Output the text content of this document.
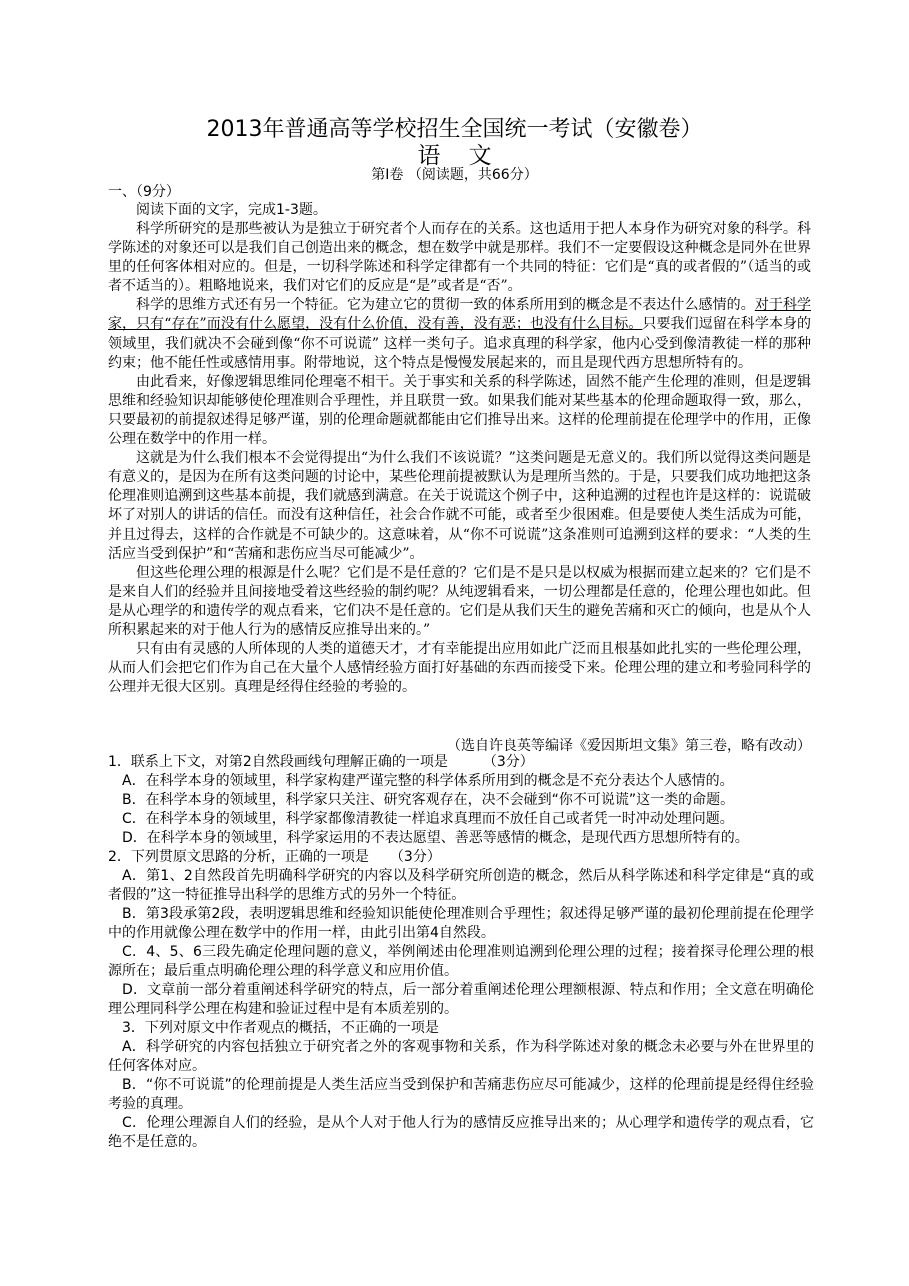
2013年普通高等学校招生全国统一考试（安徽卷）
语文
第Ⅰ卷 （阅读题，共66分）
一、（9分）
阅读下面的文字，完成1-3题。

科学所研究的是那些被认为是独立于研究者个人而存在的关系。这也适用于把人本身作为研究对象的科学。科学陈述的对象还可以是我们自己创造出来的概念，想在数学中就是那样。我们不一定要假设这种概念是同外在世界里的任何客体相对应的。但是，一切科学陈述和科学定律都有一个共同的特征：它们是“真的或者假的”（适当的或者不适当的）。粗略地说来，我们对它们的反应是“是”或者是“否”。

科学的思维方式还有另一个特征。它为建立它的贯彻一致的体系所用到的概念是不表达什么感情的。对于科学家，只有“存在”而没有什么愿望，没有什么价值，没有善，没有恶；也没有什么目标。只要我们逗留在科学本身的领域里，我们就决不会碰到像“你不可说谎” 这样一类句子。追求真理的科学家，他内心受到像清教徒一样的那种约束；他不能任性或感情用事。附带地说，这个特点是慢慢发展起来的，而且是现代西方思想所特有的。

由此看来，好像逻辑思维同伦理毫不相干。关于事实和关系的科学陈述，固然不能产生伦理的准则，但是逻辑思维和经验知识却能够使伦理准则合乎理性，并且联贯一致。如果我们能对某些基本的伦理命题取得一致，那么，只要最初的前提叙述得足够严谨，别的伦理命题就都能由它们推导出来。这样的伦理前提在伦理学中的作用，正像公理在数学中的作用一样。

这就是为什么我们根本不会觉得提出“为什么我们不该说谎？”这类问题是无意义的。我们所以觉得这类问题是有意义的，是因为在所有这类问题的讨论中，某些伦理前提被默认为是理所当然的。于是，只要我们成功地把这条伦理准则追溯到这些基本前提，我们就感到满意。在关于说谎这个例子中，这种追溯的过程也许是这样的：说谎破坏了对别人的讲话的信任。而没有这种信任，社会合作就不可能，或者至少很困难。但是要使人类生活成为可能，并且过得去，这样的合作就是不可缺少的。这意味着，从“你不可说谎”这条准则可追溯到这样的要求：“人类的生活应当受到保护”和“苦痛和悲伤应当尽可能减少”。

但这些伦理公理的根源是什么呢？它们是不是任意的？它们是不是只是以权威为根据而建立起来的？它们是不是来自人们的经验并且间接地受着这些经验的制约呢？从纯逻辑看来，一切公理都是任意的，伦理公理也如此。但是从心理学的和遗传学的观点看来，它们决不是任意的。它们是从我们天生的避免苦痛和灭亡的倾向，也是从个人所积累起来的对于他人行为的感情反应推导出来的。”

只有由有灵感的人所体现的人类的道德天才，才有幸能提出应用如此广泛而且根基如此扎实的一些伦理公理，从而人们会把它们作为自己在大量个人感情经验方面打好基础的东西而接受下来。伦理公理的建立和考验同科学的公理并无很大区别。真理是经得住经验的考验的。

（选自许良英等编译《爱因斯坦文集》第三卷，略有改动）

1．联系上下文，对第2自然段画线句理解正确的一项是　　　（3分）

A．在科学本身的领域里，科学家构建严谨完整的科学体系所用到的概念是不充分表达个人感情的。

B．在科学本身的领域里，科学家只关注、研究客观存在，决不会碰到“你不可说谎”这一类的命题。

C．在科学本身的领域里，科学家都像清教徒一样追求真理而不放任自己或者凭一时冲动处理问题。

D．在科学本身的领域里，科学家运用的不表达愿望、善恶等感情的概念，是现代西方思想所特有的。

2．下列贯原文思路的分析，正确的一项是　　（3分）

A．第1、2自然段首先明确科学研究的内容以及科学研究所创造的概念，然后从科学陈述和科学定律是“真的或者假的”这一特征推导出科学的思维方式的另外一个特征。

B．第3段承第2段，表明逻辑思维和经验知识能使伦理准则合乎理性；叙述得足够严谨的最初伦理前提在伦理学中的作用就像公理在数学中的作用一样，由此引出第4自然段。

C．4、5、6三段先确定伦理问题的意义，举例阐述由伦理准则追溯到伦理公理的过程；接着探寻伦理公理的根源所在；最后重点明确伦理公理的科学意义和应用价值。

D．文章前一部分着重阐述科学研究的特点，后一部分着重阐述伦理公理额根源、特点和作用；全文意在明确伦理公理同科学公理在构建和验证过程中是有本质差别的。

3．下列对原文中作者观点的概括，不正确的一项是

A．科学研究的内容包括独立于研究者之外的客观事物和关系，作为科学陈述对象的概念未必要与外在世界里的任何客体对应。

B．“你不可说谎”的伦理前提是人类生活应当受到保护和苦痛悲伤应尽可能减少，这样的伦理前提是经得住经验考验的真理。

C．伦理公理源自人们的经验，是从个人对于他人行为的感情反应推导出来的；从心理学和遗传学的观点看，它绝不是任意的。
